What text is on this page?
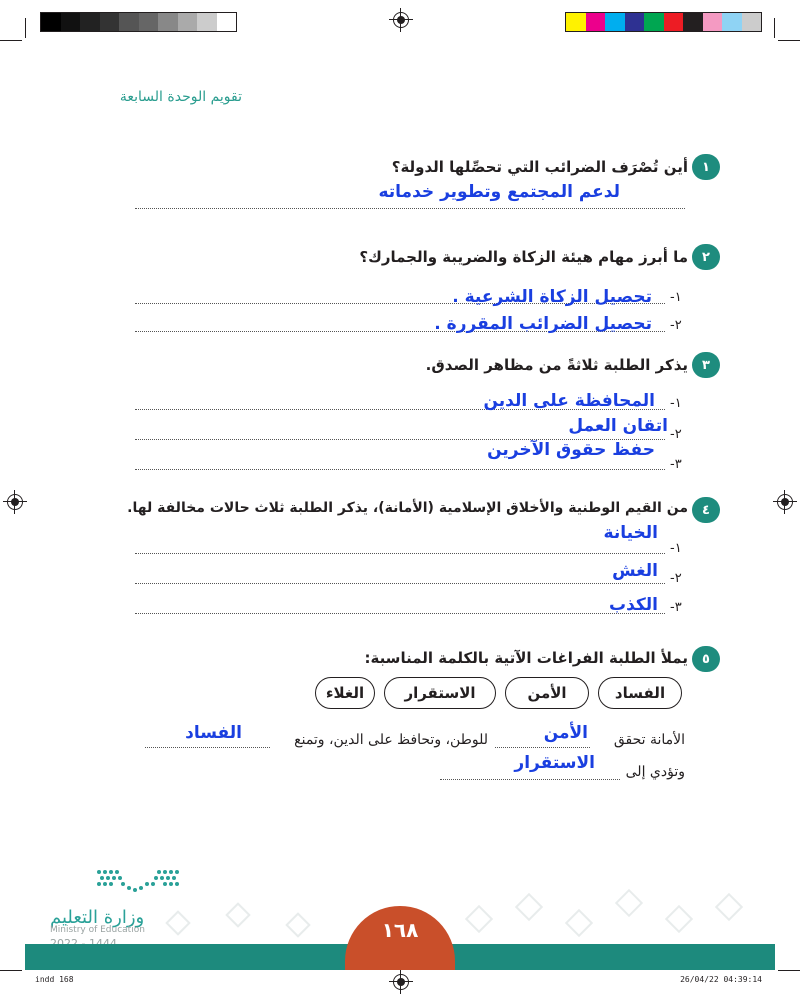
تقويم الوحدة السابعة
١
أين تُصْرَف الضرائب التي تحصِّلها الدولة؟
لدعم المجتمع وتطوير خدماته
٢
ما أبرز مهام هيئة الزكاة والضريبة والجمارك؟
١-
تحصيل الزكاة الشرعية .
٢-
تحصيل الضرائب المقررة .
٣
يذكر الطلبة ثلاثةً من مظاهر الصدق.
١-
المحافظة على الدين
٢-
اتقان العمل
٣-
حفظ حقوق الآخرين
٤
من القيم الوطنية والأخلاق الإسلامية (الأمانة)، يذكر الطلبة ثلاث حالات مخالفة لها.
١-
الخيانة
٢-
الغش
٣-
الكذب
٥
يملأ الطلبة الفراغات الآتية بالكلمة المناسبة:
الفساد
الأمن
الاستقرار
الغلاء
الأمانة تحقق
الأمن
للوطن، وتحافظ على الدين، وتمنع
الفساد
وتؤدي إلى
الاستقرار
وزارة التعليم
Ministry of Education	١٦٨
indd 168	26/04/22 04:39:14
